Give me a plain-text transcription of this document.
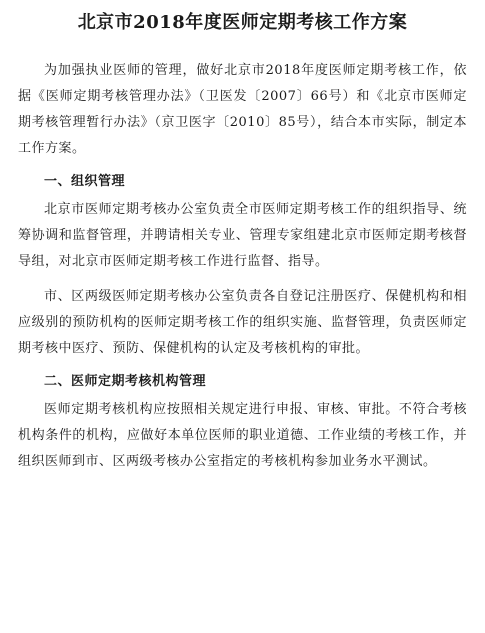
北京市2018年度医师定期考核工作方案

为加强执业医师的管理，做好北京市2018年度医师定期考核工作，依据《医师定期考核管理办法》（卫医发〔2007〕66号）和《北京市医师定期考核管理暂行办法》（京卫医字〔2010〕85号），结合本市实际，制定本工作方案。

一、组织管理

北京市医师定期考核办公室负责全市医师定期考核工作的组织指导、统筹协调和监督管理，并聘请相关专业、管理专家组建北京市医师定期考核督导组，对北京市医师定期考核工作进行监督、指导。

市、区两级医师定期考核办公室负责各自登记注册医疗、保健机构和相应级别的预防机构的医师定期考核工作的组织实施、监督管理，负责医师定期考核中医疗、预防、保健机构的认定及考核机构的审批。

二、医师定期考核机构管理

医师定期考核机构应按照相关规定进行申报、审核、审批。不符合考核机构条件的机构，应做好本单位医师的职业道德、工作业绩的考核工作，并组织医师到市、区两级考核办公室指定的考核机构参加业务水平测试。
